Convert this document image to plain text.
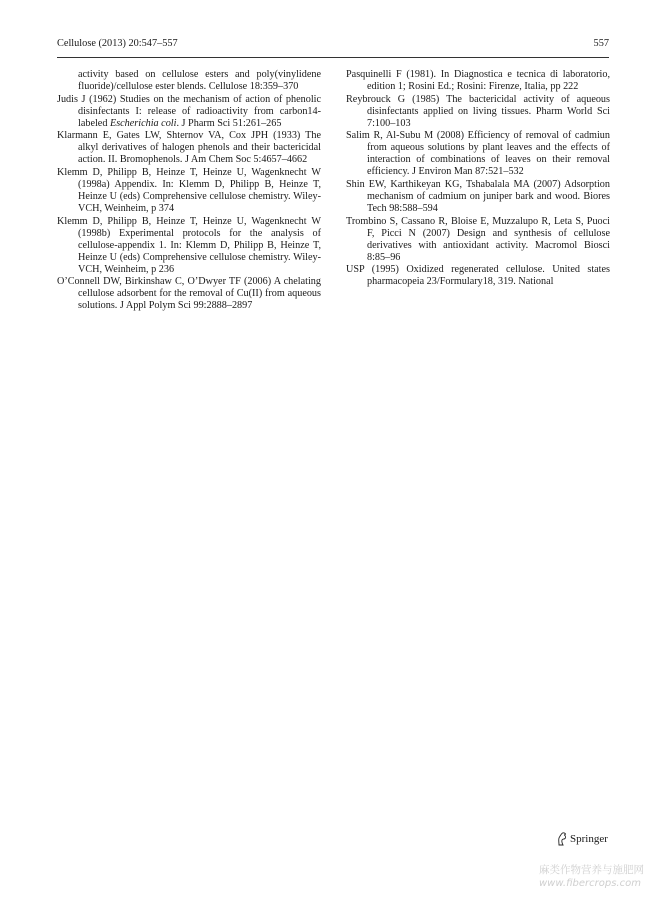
Cellulose (2013) 20:547–557	557

activity based on cellulose esters and poly(vinylidene fluoride)/cellulose ester blends. Cellulose 18:359–370

Judis J (1962) Studies on the mechanism of action of phenolic disinfectants I: release of radioactivity from carbon14-labeled Escherichia coli. J Pharm Sci 51:261–265

Klarmann E, Gates LW, Shternov VA, Cox JPH (1933) The alkyl derivatives of halogen phenols and their bactericidal action. II. Bromophenols. J Am Chem Soc 5:4657–4662

Klemm D, Philipp B, Heinze T, Heinze U, Wagenknecht W (1998a) Appendix. In: Klemm D, Philipp B, Heinze T, Heinze U (eds) Comprehensive cellulose chemistry. Wiley-VCH, Weinheim, p 374

Klemm D, Philipp B, Heinze T, Heinze U, Wagenknecht W (1998b) Experimental protocols for the analysis of cellulose-appendix 1. In: Klemm D, Philipp B, Heinze T, Heinze U (eds) Comprehensive cellulose chemistry. Wiley-VCH, Weinheim, p 236

O’Connell DW, Birkinshaw C, O’Dwyer TF (2006) A chelating cellulose adsorbent for the removal of Cu(II) from aqueous solutions. J Appl Polym Sci 99:2888–2897

Pasquinelli F (1981). In Diagnostica e tecnica di laboratorio, edition 1; Rosini Ed.; Rosini: Firenze, Italia, pp 222

Reybrouck G (1985) The bactericidal activity of aqueous disinfectants applied on living tissues. Pharm World Sci 7:100–103

Salim R, Al-Subu M (2008) Efficiency of removal of cadmiun from aqueous solutions by plant leaves and the effects of interaction of combinations of leaves on their removal efficiency. J Environ Man 87:521–532

Shin EW, Karthikeyan KG, Tshabalala MA (2007) Adsorption mechanism of cadmium on juniper bark and wood. Biores Tech 98:588–594

Trombino S, Cassano R, Bloise E, Muzzalupo R, Leta S, Puoci F, Picci N (2007) Design and synthesis of cellulose derivatives with antioxidant activity. Macromol Biosci 8:85–96

USP (1995) Oxidized regenerated cellulose. United states pharmacopeia 23/Formulary18, 319. National

Springer
麻类作物营养与施肥网
www.fibercrops.com
